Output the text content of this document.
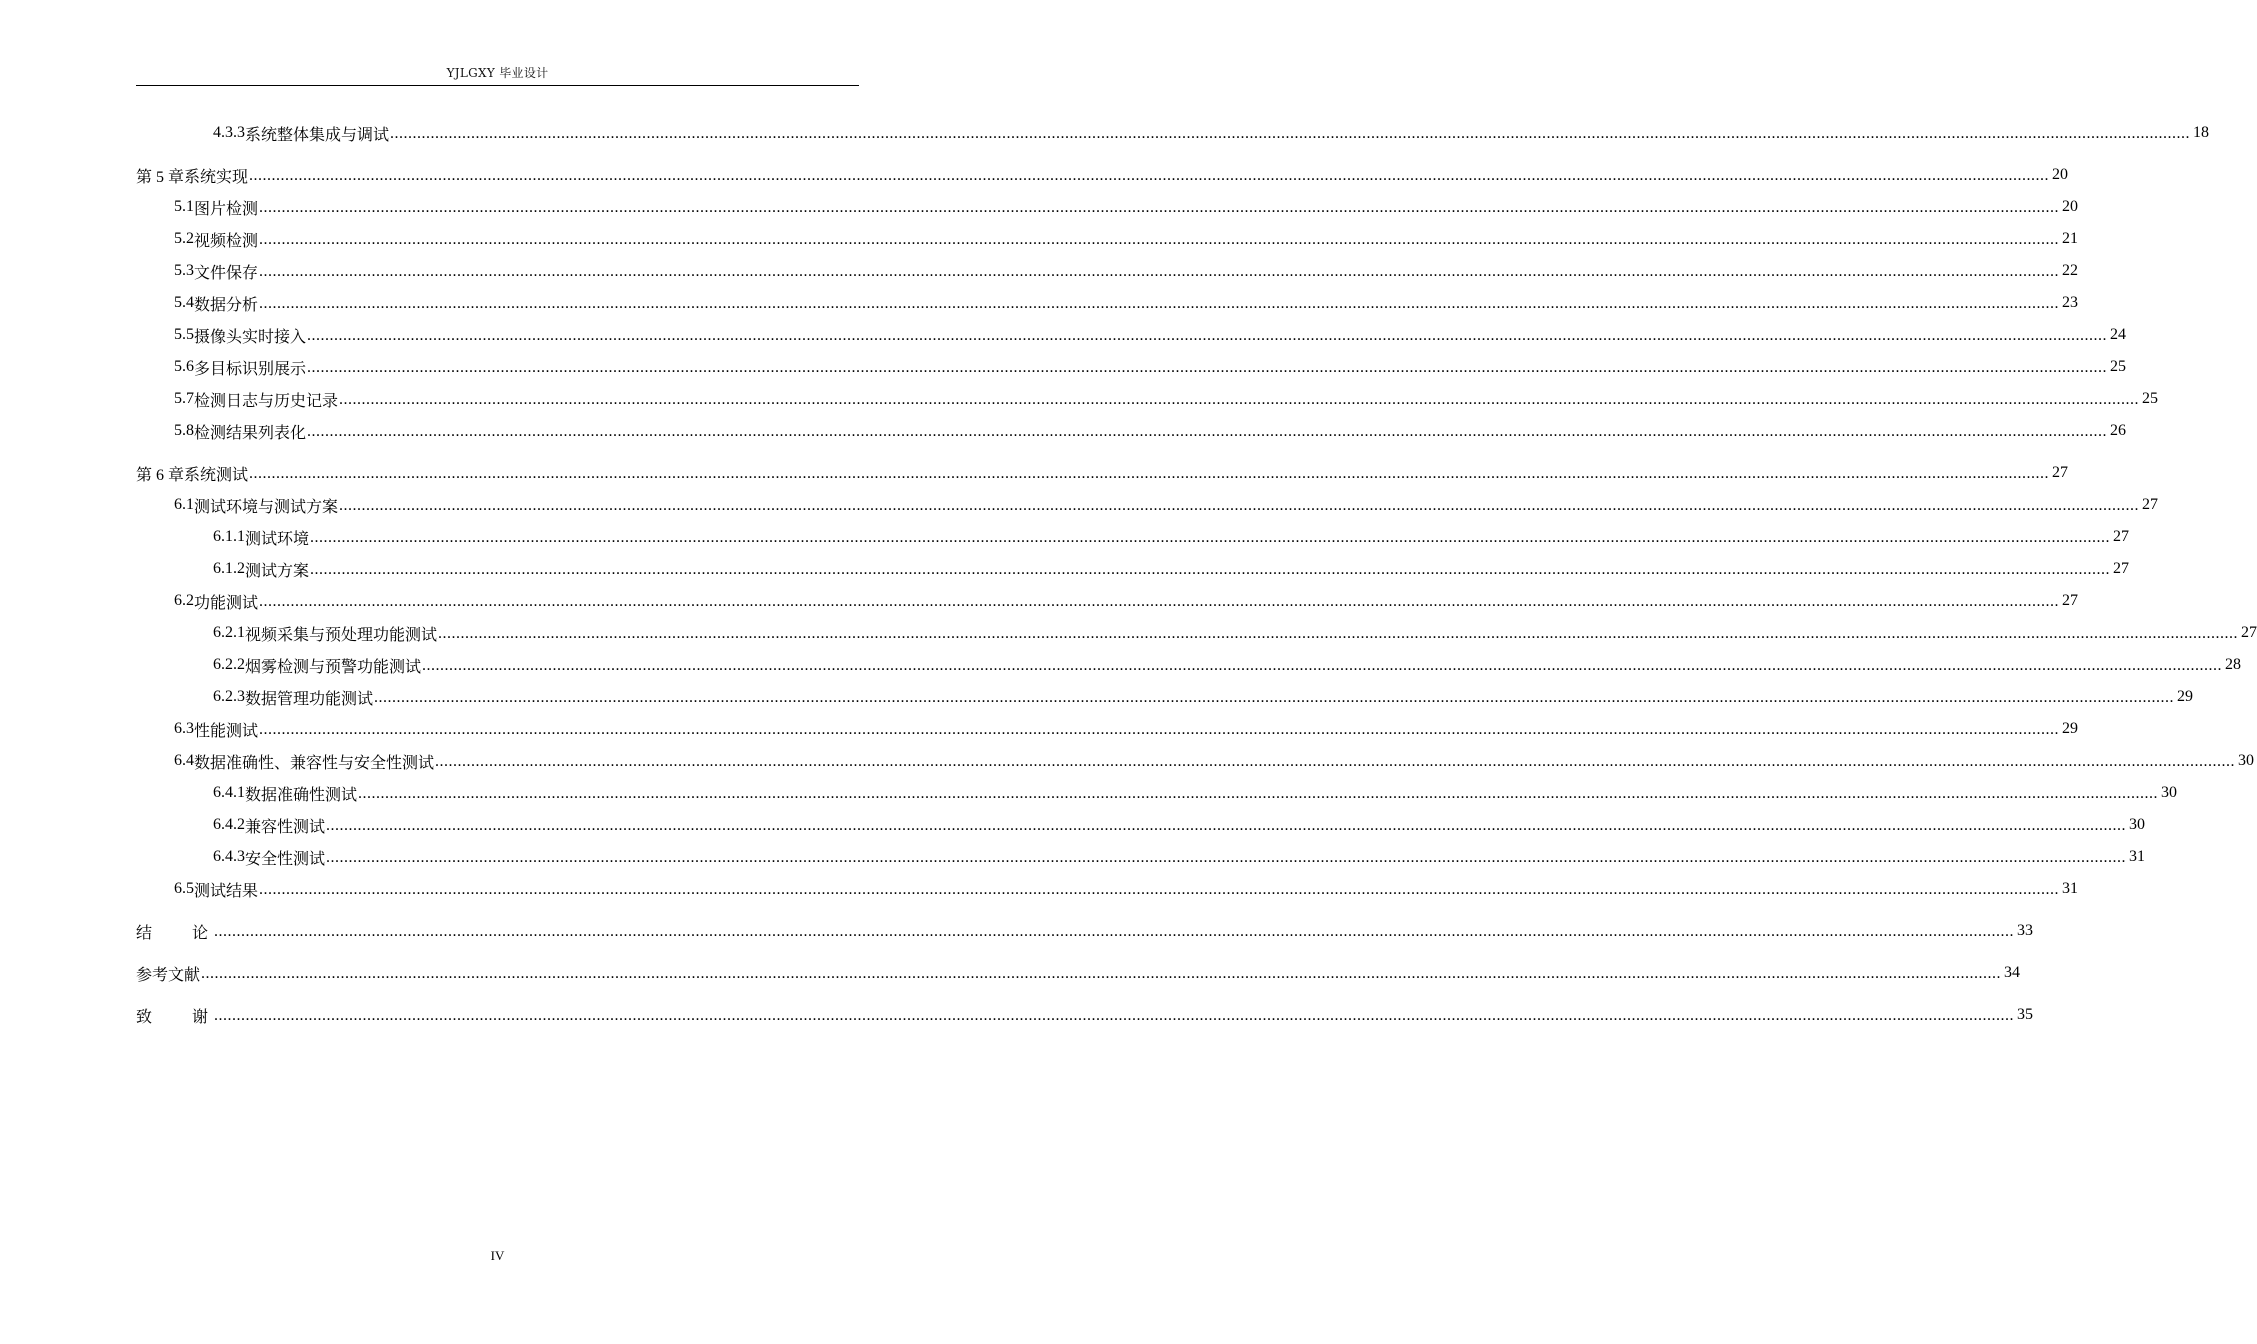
YJLGXY 毕业设计
4.3.3 系统整体集成与调试 ................................................................................................................................................................................................................................................................................................................................................................................................................ 18
第 5 章 系统实现 ................................................................................................................................................................................................................................................................................................................................................................................................................ 20
5.1 图片检测 ................................................................................................................................................................................................................................................................................................................................................................................................................ 20
5.2 视频检测 ................................................................................................................................................................................................................................................................................................................................................................................................................ 21
5.3 文件保存 ................................................................................................................................................................................................................................................................................................................................................................................................................ 22
5.4 数据分析 ................................................................................................................................................................................................................................................................................................................................................................................................................ 23
5.5 摄像头实时接入 ................................................................................................................................................................................................................................................................................................................................................................................................................ 24
5.6 多目标识别展示 ................................................................................................................................................................................................................................................................................................................................................................................................................ 25
5.7 检测日志与历史记录 ................................................................................................................................................................................................................................................................................................................................................................................................................ 25
5.8 检测结果列表化 ................................................................................................................................................................................................................................................................................................................................................................................................................ 26
第 6 章 系统测试 ................................................................................................................................................................................................................................................................................................................................................................................................................ 27
6.1 测试环境与测试方案 ................................................................................................................................................................................................................................................................................................................................................................................................................ 27
6.1.1 测试环境 ................................................................................................................................................................................................................................................................................................................................................................................................................ 27
6.1.2 测试方案 ................................................................................................................................................................................................................................................................................................................................................................................................................ 27
6.2 功能测试 ................................................................................................................................................................................................................................................................................................................................................................................................................ 27
6.2.1 视频采集与预处理功能测试 ................................................................................................................................................................................................................................................................................................................................................................................................................ 27
6.2.2 烟雾检测与预警功能测试 ................................................................................................................................................................................................................................................................................................................................................................................................................ 28
6.2.3 数据管理功能测试 ................................................................................................................................................................................................................................................................................................................................................................................................................ 29
6.3 性能测试 ................................................................................................................................................................................................................................................................................................................................................................................................................ 29
6.4 数据准确性、兼容性与安全性测试 ................................................................................................................................................................................................................................................................................................................................................................................................................ 30
6.4.1 数据准确性测试 ................................................................................................................................................................................................................................................................................................................................................................................................................ 30
6.4.2 兼容性测试 ................................................................................................................................................................................................................................................................................................................................................................................................................ 30
6.4.3 安全性测试 ................................................................................................................................................................................................................................................................................................................................................................................................................ 31
6.5 测试结果 ................................................................................................................................................................................................................................................................................................................................................................................................................ 31
结论
................................................................................................................................................................................................................................................................................................................................................................................................................ 33
参考文献 ................................................................................................................................................................................................................................................................................................................................................................................................................ 34
致谢
................................................................................................................................................................................................................................................................................................................................................................................................................ 35
IV
